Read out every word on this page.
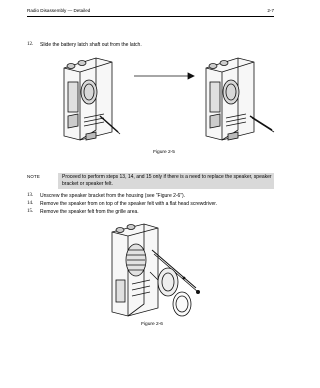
Radio Disassembly — Detailed	2-7
12.	Slide the battery latch shaft out from the latch.
Figure 2-5
NOTE	Proceed to perform steps 13, 14, and 15 only if there is a need to replace the speaker, speaker bracket or speaker felt.
13.	Unscrew the speaker bracket from the housing (see “Figure 2-6”).
14.	Remove the speaker from on top of the speaker felt with a flat head screwdriver.
15.	Remove the speaker felt from the grille area.
Figure 2-6
